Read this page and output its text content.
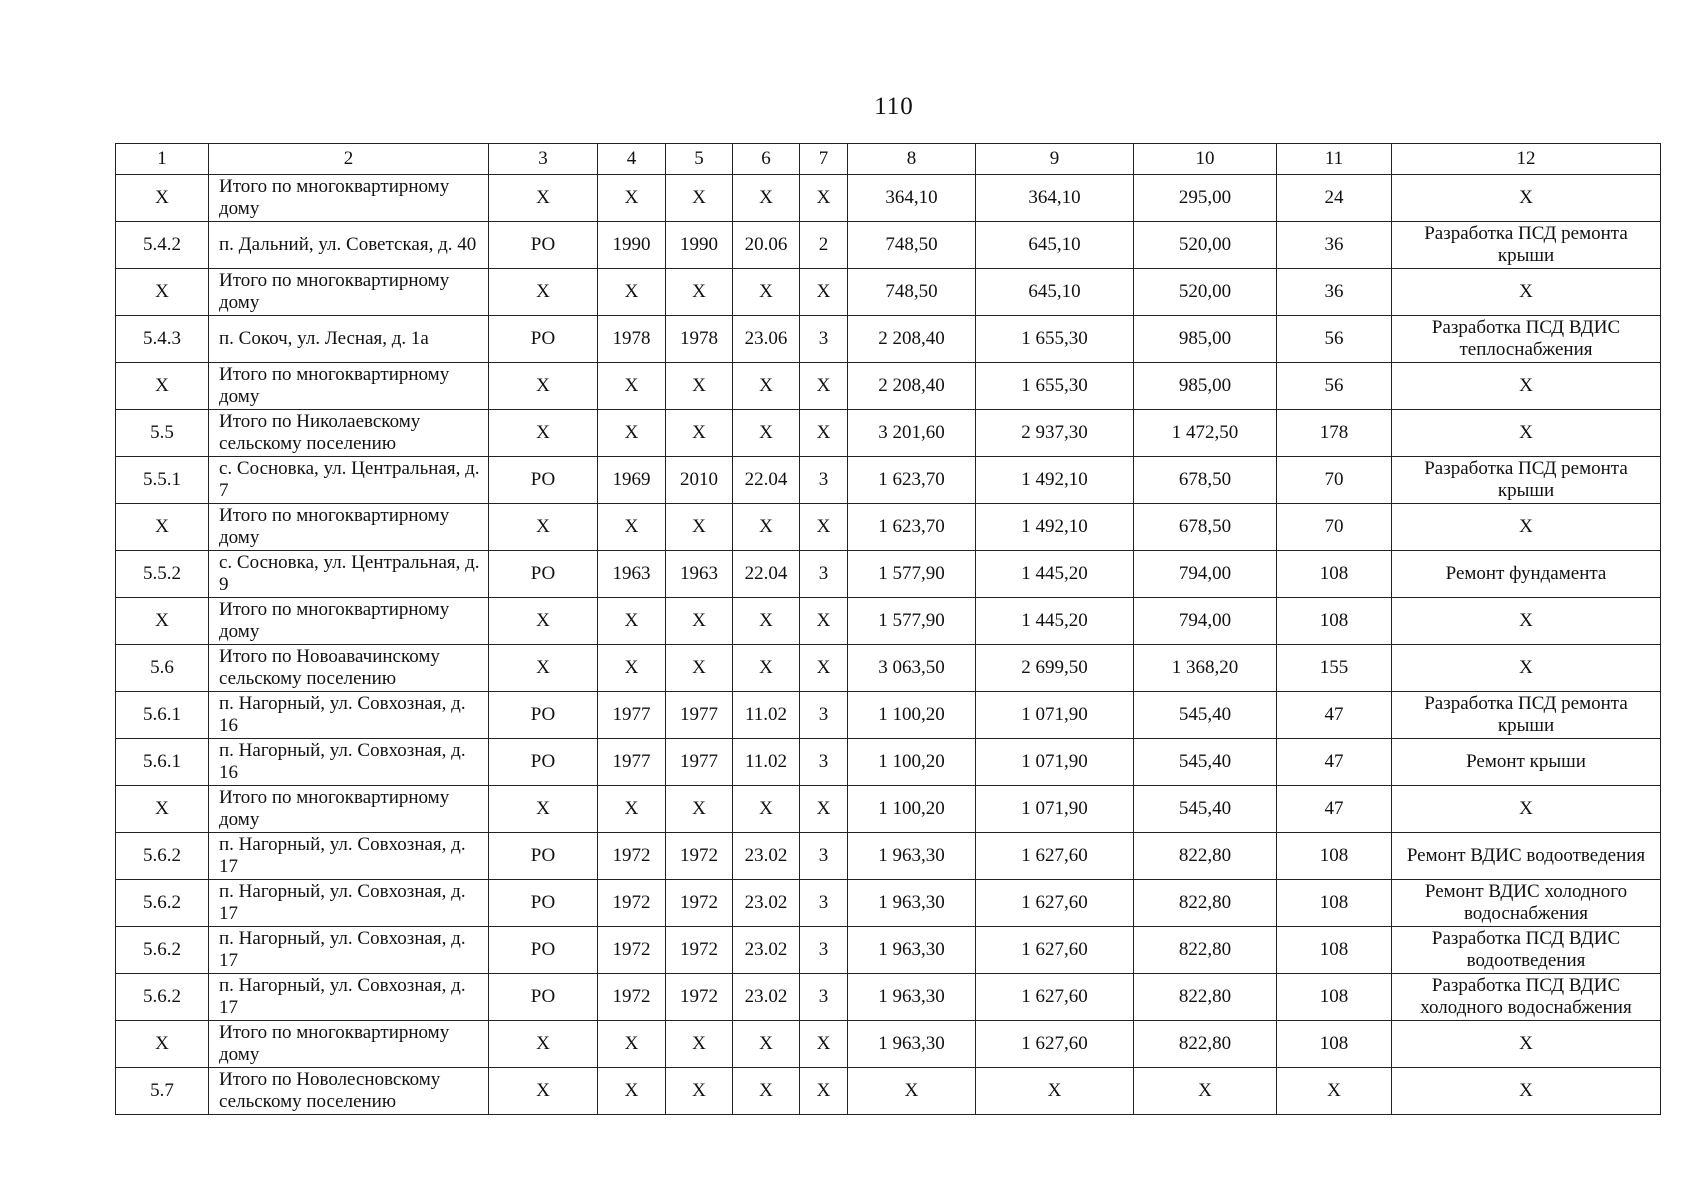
110
1	2	3	4	5	6	7	8	9	10	11	12
Х	Итого по многоквартирному дому	Х	Х	Х	Х	Х	364,10	364,10	295,00	24	Х
5.4.2	п. Дальний, ул. Советская, д. 40	РО	1990	1990	20.06	2	748,50	645,10	520,00	36	Разработка ПСД ремонта крыши
Х	Итого по многоквартирному дому	Х	Х	Х	Х	Х	748,50	645,10	520,00	36	Х
5.4.3	п. Сокоч, ул. Лесная, д. 1а	РО	1978	1978	23.06	3	2 208,40	1 655,30	985,00	56	Разработка ПСД ВДИС теплоснабжения
Х	Итого по многоквартирному дому	Х	Х	Х	Х	Х	2 208,40	1 655,30	985,00	56	Х
5.5	Итого по Николаевскому сельскому поселению	Х	Х	Х	Х	Х	3 201,60	2 937,30	1 472,50	178	Х
5.5.1	с. Сосновка, ул. Центральная, д. 7	РО	1969	2010	22.04	3	1 623,70	1 492,10	678,50	70	Разработка ПСД ремонта крыши
Х	Итого по многоквартирному дому	Х	Х	Х	Х	Х	1 623,70	1 492,10	678,50	70	Х
5.5.2	с. Сосновка, ул. Центральная, д. 9	РО	1963	1963	22.04	3	1 577,90	1 445,20	794,00	108	Ремонт фундамента
Х	Итого по многоквартирному дому	Х	Х	Х	Х	Х	1 577,90	1 445,20	794,00	108	Х
5.6	Итого по Новоавачинскому сельскому поселению	Х	Х	Х	Х	Х	3 063,50	2 699,50	1 368,20	155	Х
5.6.1	п. Нагорный, ул. Совхозная, д. 16	РО	1977	1977	11.02	3	1 100,20	1 071,90	545,40	47	Разработка ПСД ремонта крыши
5.6.1	п. Нагорный, ул. Совхозная, д. 16	РО	1977	1977	11.02	3	1 100,20	1 071,90	545,40	47	Ремонт крыши
Х	Итого по многоквартирному дому	Х	Х	Х	Х	Х	1 100,20	1 071,90	545,40	47	Х
5.6.2	п. Нагорный, ул. Совхозная, д. 17	РО	1972	1972	23.02	3	1 963,30	1 627,60	822,80	108	Ремонт ВДИС водоотведения
5.6.2	п. Нагорный, ул. Совхозная, д. 17	РО	1972	1972	23.02	3	1 963,30	1 627,60	822,80	108	Ремонт ВДИС холодного водоснабжения
5.6.2	п. Нагорный, ул. Совхозная, д. 17	РО	1972	1972	23.02	3	1 963,30	1 627,60	822,80	108	Разработка ПСД ВДИС водоотведения
5.6.2	п. Нагорный, ул. Совхозная, д. 17	РО	1972	1972	23.02	3	1 963,30	1 627,60	822,80	108	Разработка ПСД ВДИС холодного водоснабжения
Х	Итого по многоквартирному дому	Х	Х	Х	Х	Х	1 963,30	1 627,60	822,80	108	Х
5.7	Итого по Новолесновскому сельскому поселению	Х	Х	Х	Х	Х	Х	Х	Х	Х	Х
